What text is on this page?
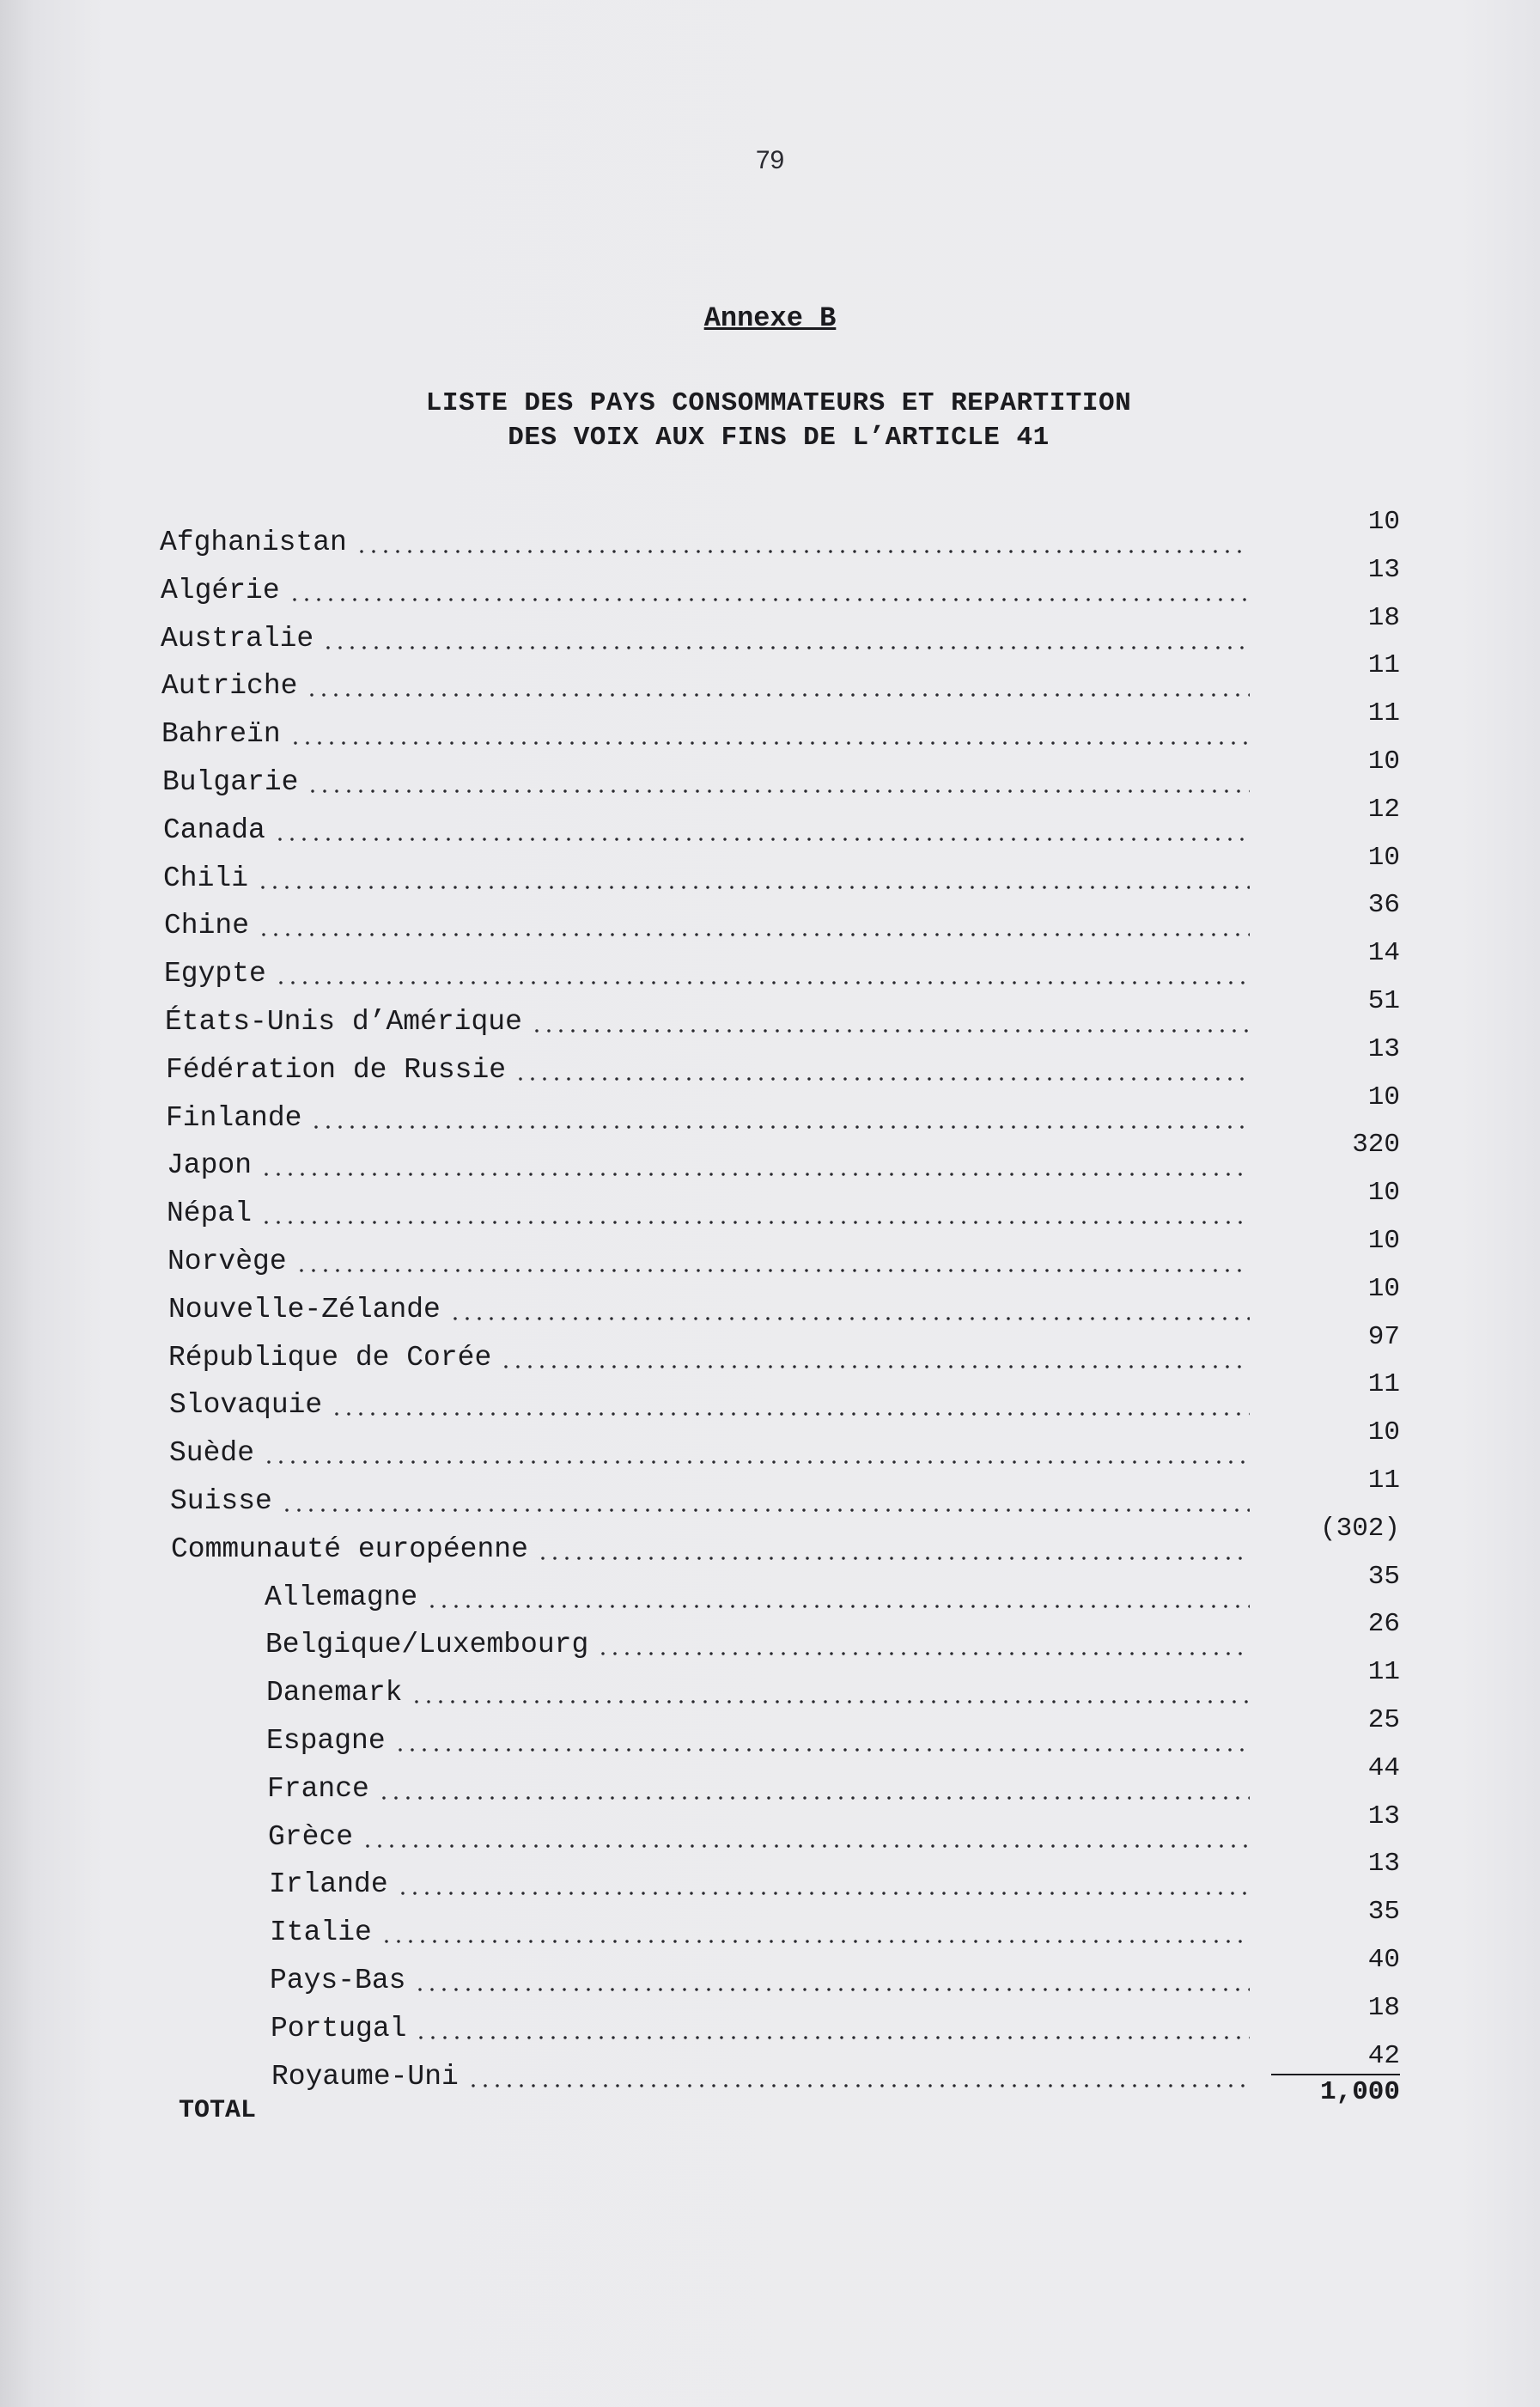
79
Annexe B
LISTE DES PAYS CONSOMMATEURS ET REPARTITION
DES VOIX AUX FINS DE L’ARTICLE 41
Afghanistan
10
Algérie
13
Australie
18
Autriche
11
Bahreïn
11
Bulgarie
10
Canada
12
Chili
10
Chine
36
Egypte
14
États-Unis d’Amérique
51
Fédération de Russie
13
Finlande
10
Japon
320
Népal
10
Norvège
10
Nouvelle-Zélande
10
République de Corée
97
Slovaquie
11
Suède
10
Suisse
11
Communauté européenne
(302)
Allemagne
35
Belgique/Luxembourg
26
Danemark
11
Espagne
25
France
44
Grèce
13
Irlande
13
Italie
35
Pays-Bas
40
Portugal
18
Royaume-Uni
42
TOTAL
1,000
